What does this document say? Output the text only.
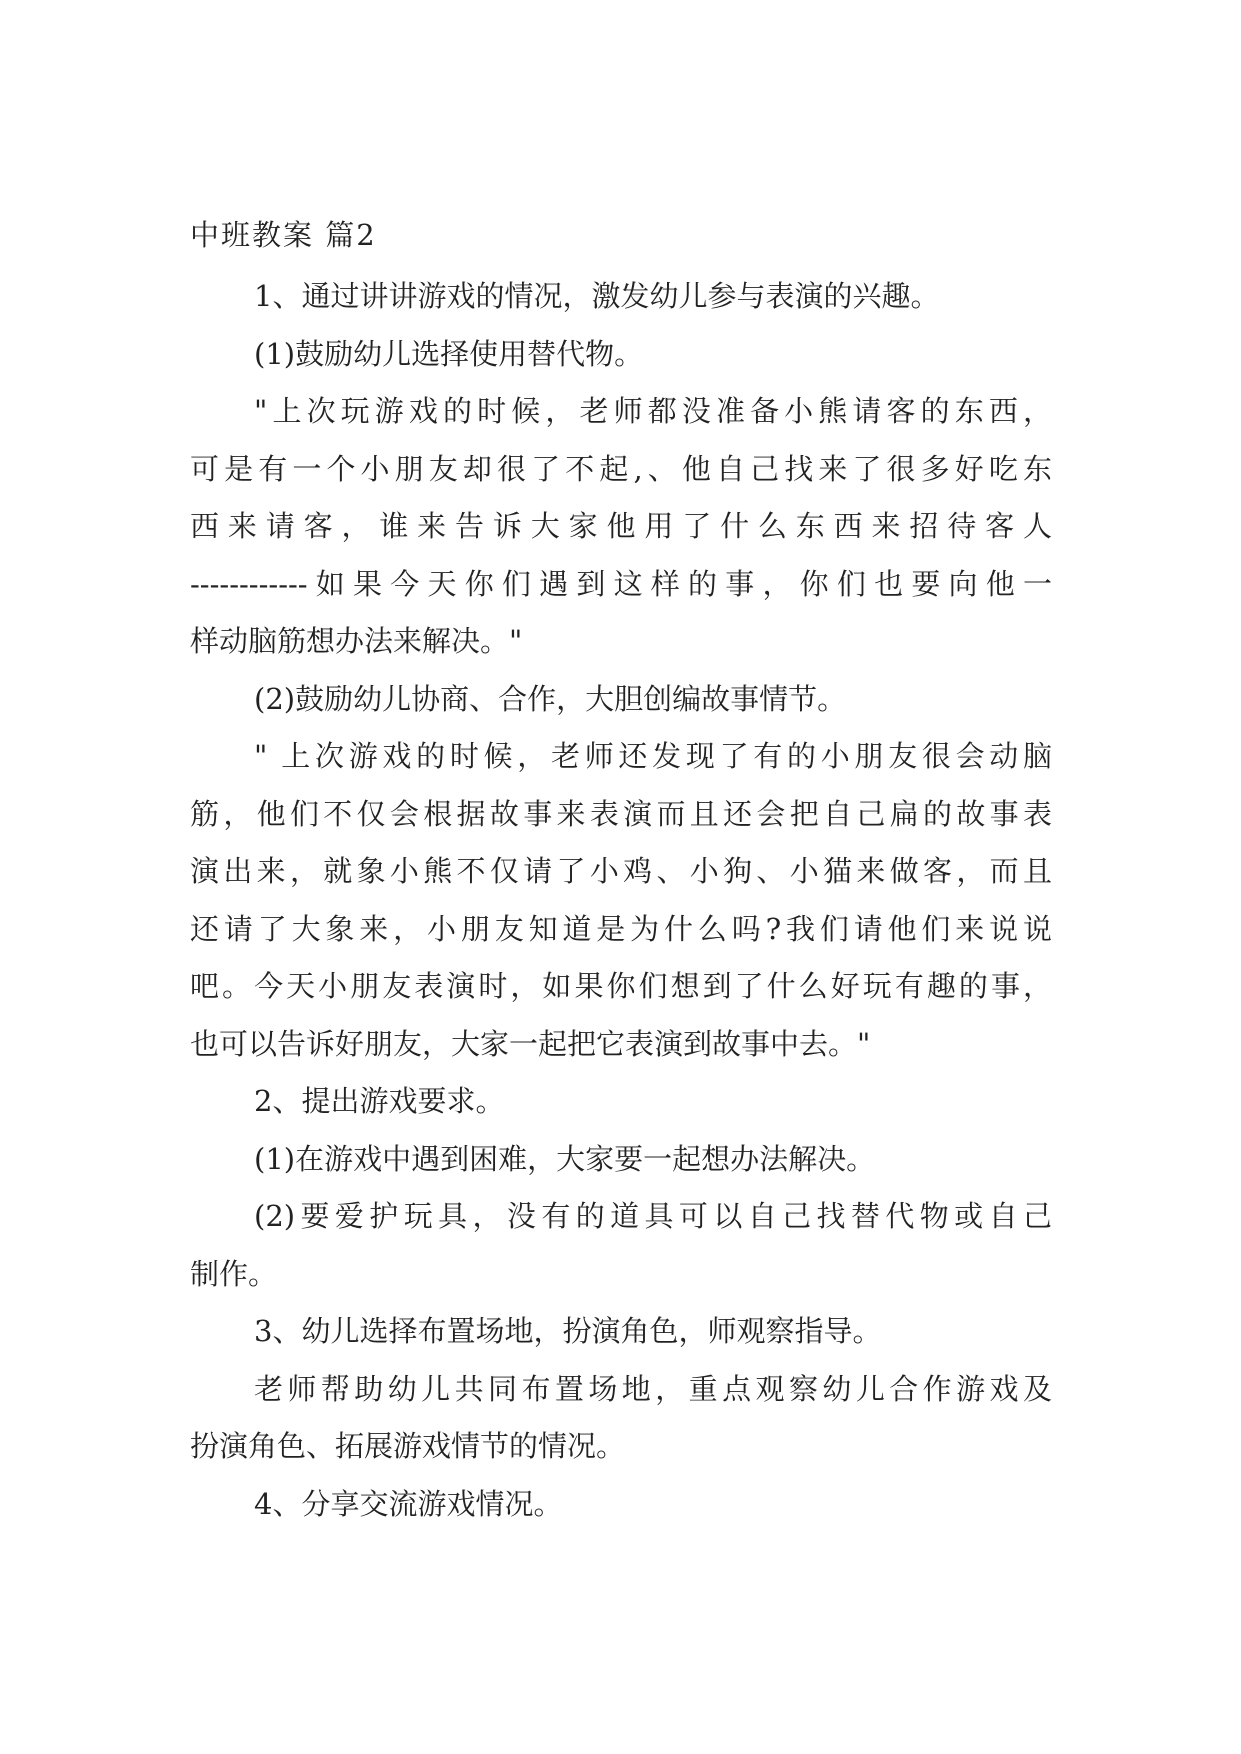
中班教案 篇2
1、通过讲讲游戏的情况，激发幼儿参与表演的兴趣。
(1)鼓励幼儿选择使用替代物。
"上次玩游戏的时候，老师都没准备小熊请客的东西，
可是有一个小朋友却很了不起,、他自己找来了很多好吃东
西来请客，谁来告诉大家他用了什么东西来招待客人
------------如果今天你们遇到这样的事，你们也要向他一
样动脑筋想办法来解决。"
(2)鼓励幼儿协商、合作，大胆创编故事情节。
" 上次游戏的时候，老师还发现了有的小朋友很会动脑
筋，他们不仅会根据故事来表演而且还会把自己扁的故事表
演出来，就象小熊不仅请了小鸡、小狗、小猫来做客，而且
还请了大象来，小朋友知道是为什么吗?我们请他们来说说
吧。今天小朋友表演时，如果你们想到了什么好玩有趣的事，
也可以告诉好朋友，大家一起把它表演到故事中去。"
2、提出游戏要求。
(1)在游戏中遇到困难，大家要一起想办法解决。
(2)要爱护玩具，没有的道具可以自己找替代物或自己
制作。
3、幼儿选择布置场地，扮演角色，师观察指导。
老师帮助幼儿共同布置场地，重点观察幼儿合作游戏及
扮演角色、拓展游戏情节的情况。
4、分享交流游戏情况。
